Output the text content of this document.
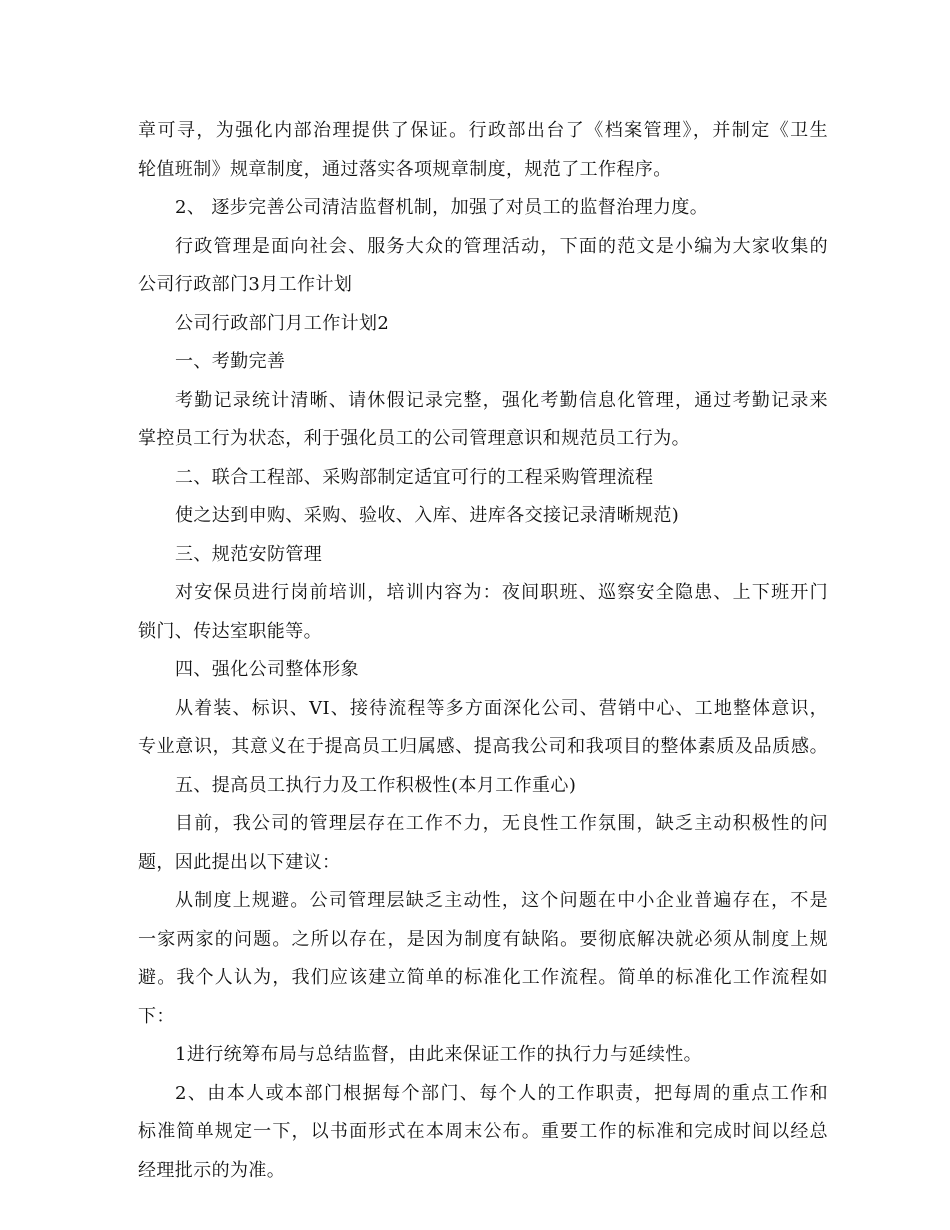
章可寻，为强化内部治理提供了保证。行政部出台了《档案管理》，并制定《卫生
轮值班制》规章制度，通过落实各项规章制度，规范了工作程序。
2、 逐步完善公司清洁监督机制，加强了对员工的监督治理力度。
行政管理是面向社会、服务大众的管理活动，下面的范文是小编为大家收集的
公司行政部门3月工作计划
公司行政部门月工作计划2
一、考勤完善
考勤记录统计清晰、请休假记录完整，强化考勤信息化管理，通过考勤记录来
掌控员工行为状态，利于强化员工的公司管理意识和规范员工行为。
二、联合工程部、采购部制定适宜可行的工程采购管理流程
使之达到申购、采购、验收、入库、进库各交接记录清晰规范)
三、规范安防管理
对安保员进行岗前培训，培训内容为：夜间职班、巡察安全隐患、上下班开门
锁门、传达室职能等。
四、强化公司整体形象
从着装、标识、VI、接待流程等多方面深化公司、营销中心、工地整体意识，
专业意识，其意义在于提高员工归属感、提高我公司和我项目的整体素质及品质感。
五、提高员工执行力及工作积极性(本月工作重心)
目前，我公司的管理层存在工作不力，无良性工作氛围，缺乏主动积极性的问
题，因此提出以下建议：
从制度上规避。公司管理层缺乏主动性，这个问题在中小企业普遍存在，不是
一家两家的问题。之所以存在，是因为制度有缺陷。要彻底解决就必须从制度上规
避。我个人认为，我们应该建立简单的标准化工作流程。简单的标准化工作流程如
下：
1进行统筹布局与总结监督，由此来保证工作的执行力与延续性。
2、由本人或本部门根据每个部门、每个人的工作职责，把每周的重点工作和
标准简单规定一下，以书面形式在本周末公布。重要工作的标准和完成时间以经总
经理批示的为准。
